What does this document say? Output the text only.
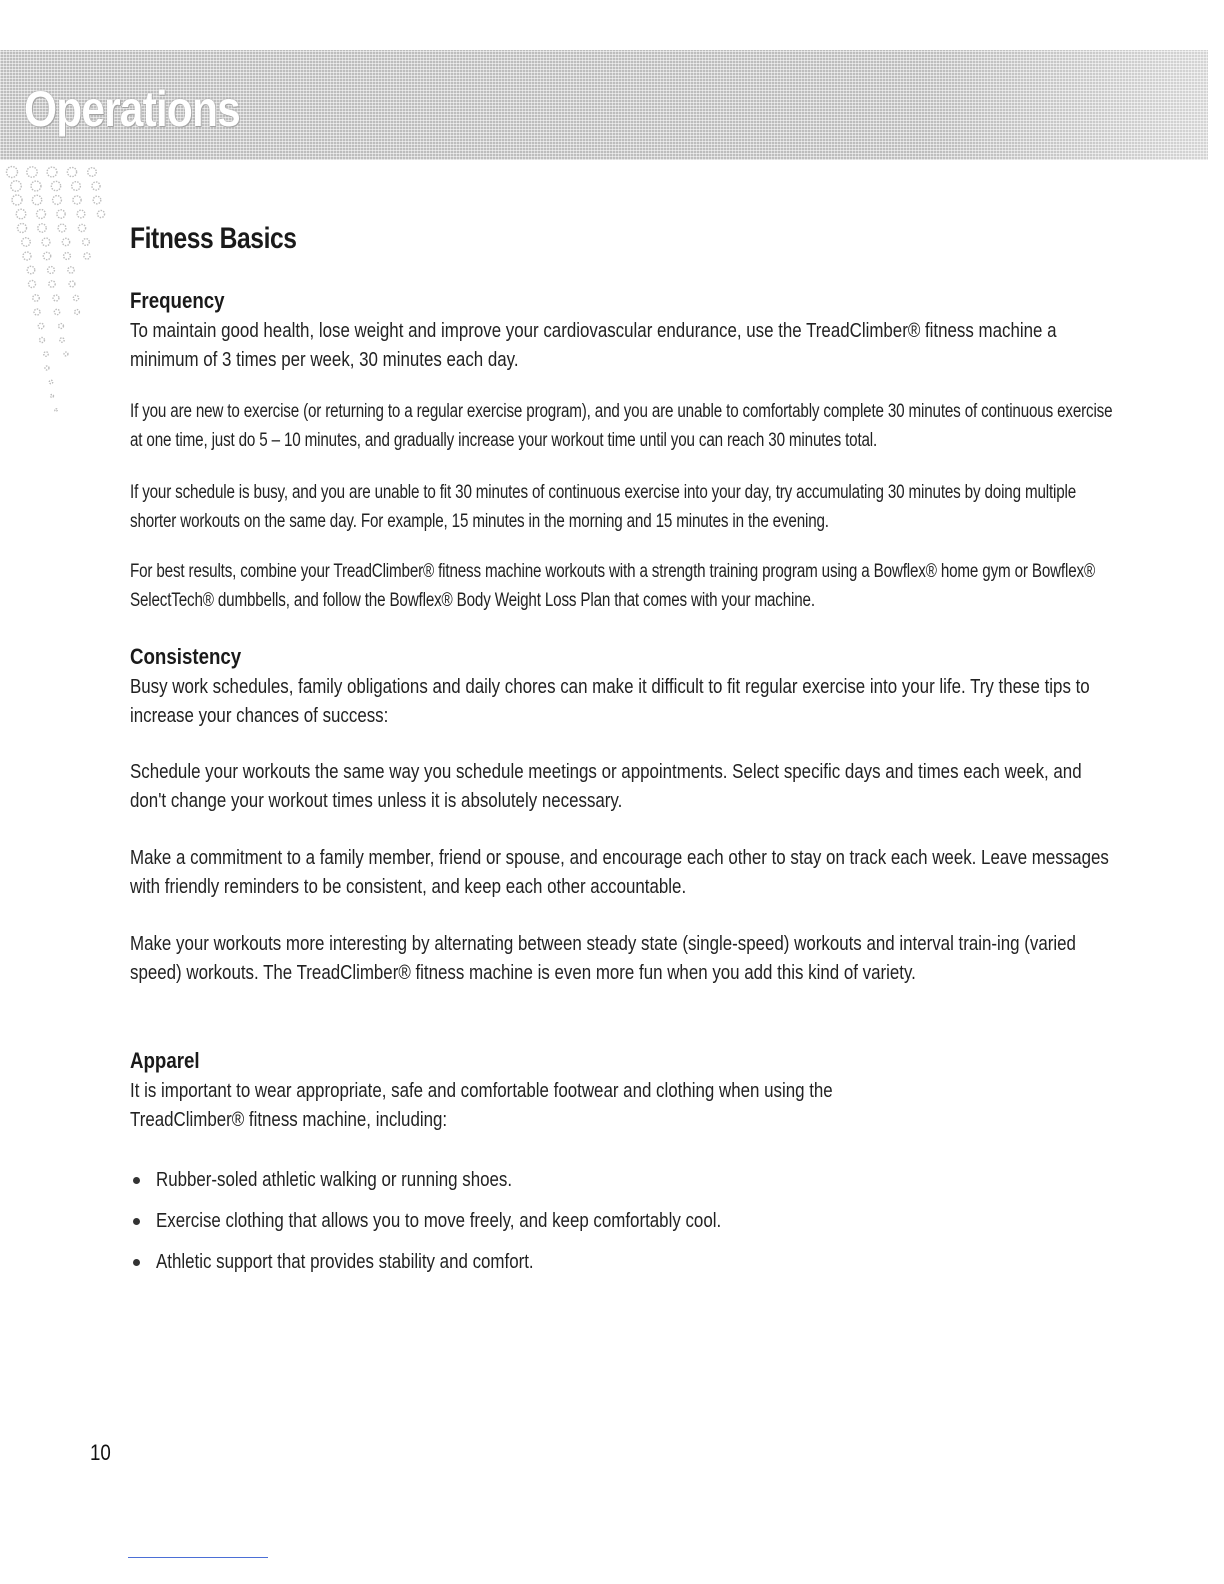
Operations
Fitness Basics
Frequency

To maintain good health, lose weight and improve your cardiovascular endurance, use the TreadClimber® fitness machine a minimum of 3 times per week, 30 minutes each day.

If you are new to exercise (or returning to a regular exercise program), and you are unable to comfortably complete 30 minutes of continuous exercise at one time, just do 5 – 10 minutes, and gradually increase your workout time until you can reach 30 minutes total.

If your schedule is busy, and you are unable to fit 30 minutes of continuous exercise into your day, try accumulating 30 minutes by doing multiple shorter workouts on the same day. For example, 15 minutes in the morning and 15 minutes in the evening.

For best results, combine your TreadClimber® fitness machine workouts with a strength training program using a Bowflex® home gym or Bowflex® SelectTech® dumbbells, and follow the Bowflex® Body Weight Loss Plan that comes with your machine.

Consistency

Busy work schedules, family obligations and daily chores can make it difficult to fit regular exercise into your life. Try these tips to increase your chances of success:

Schedule your workouts the same way you schedule meetings or appointments. Select specific days and times each week, and don't change your workout times unless it is absolutely necessary.

Make a commitment to a family member, friend or spouse, and encourage each other to stay on track each week. Leave messages with friendly reminders to be consistent, and keep each other accountable.

Make your workouts more interesting by alternating between steady state (single-speed) workouts and interval train-ing (varied speed) workouts. The TreadClimber® fitness machine is even more fun when you add this kind of variety.

Apparel

It is important to wear appropriate, safe and comfortable footwear and clothing when using the TreadClimber® fitness machine, including:

Rubber-soled athletic walking or running shoes.
Exercise clothing that allows you to move freely, and keep comfortably cool.
Athletic support that provides stability and comfort.
10
